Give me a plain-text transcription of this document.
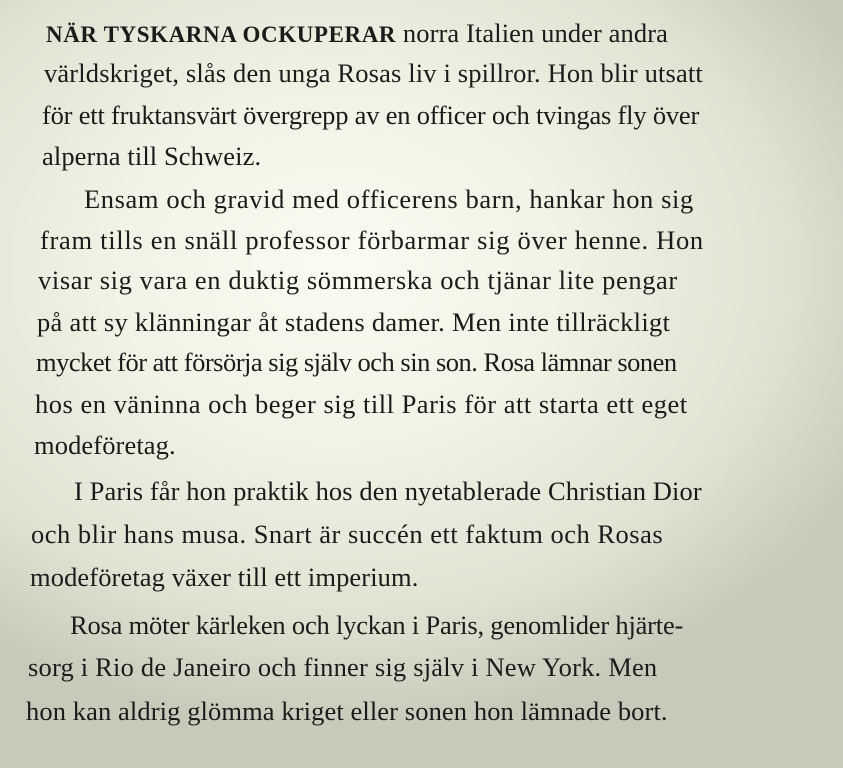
NÄR TYSKARNA OCKUPERAR norra Italien under andra
världskriget, slås den unga Rosas liv i spillror. Hon blir utsatt
för ett fruktansvärt övergrepp av en officer och tvingas fly över
alperna till Schweiz.
Ensam och gravid med officerens barn, hankar hon sig
fram tills en snäll professor förbarmar sig över henne. Hon
visar sig vara en duktig sömmerska och tjänar lite pengar
på att sy klänningar åt stadens damer. Men inte tillräckligt
mycket för att försörja sig själv och sin son. Rosa lämnar sonen
hos en väninna och beger sig till Paris för att starta ett eget
modeföretag.
I Paris får hon praktik hos den nyetablerade Christian Dior
och blir hans musa. Snart är succén ett faktum och Rosas
modeföretag växer till ett imperium.
Rosa möter kärleken och lyckan i Paris, genomlider hjärte-
sorg i Rio de Janeiro och finner sig själv i New York. Men
hon kan aldrig glömma kriget eller sonen hon lämnade bort.
